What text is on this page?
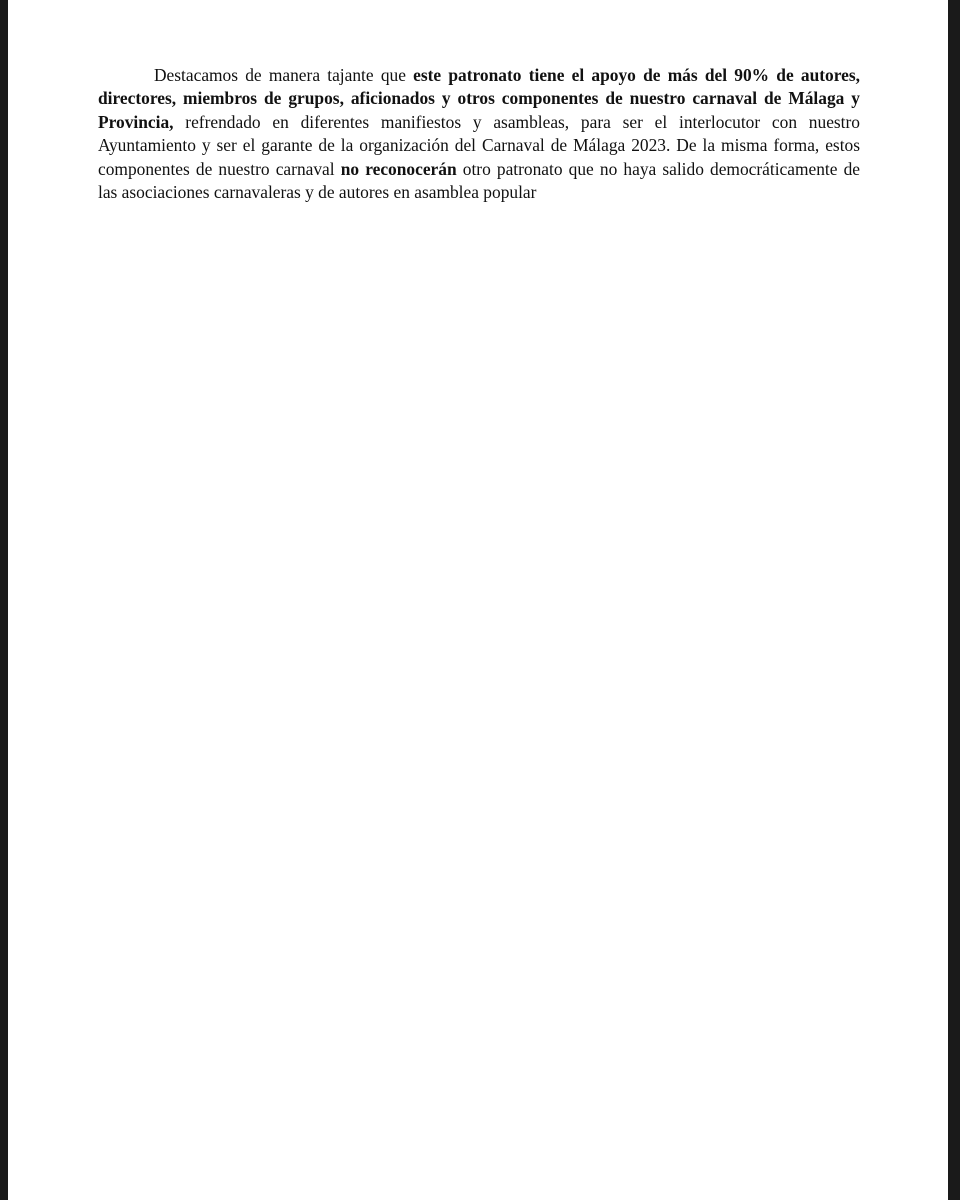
Destacamos de manera tajante que este patronato tiene el apoyo de más del 90% de autores, directores, miembros de grupos, aficionados y otros componentes de nuestro carnaval de Málaga y Provincia, refrendado en diferentes manifiestos y asambleas, para ser el interlocutor con nuestro Ayuntamiento y ser el garante de la organización del Carnaval de Málaga 2023. De la misma forma, estos componentes de nuestro carnaval no reconocerán otro patronato que no haya salido democráticamente de las asociaciones carnavaleras y de autores en asamblea popular
